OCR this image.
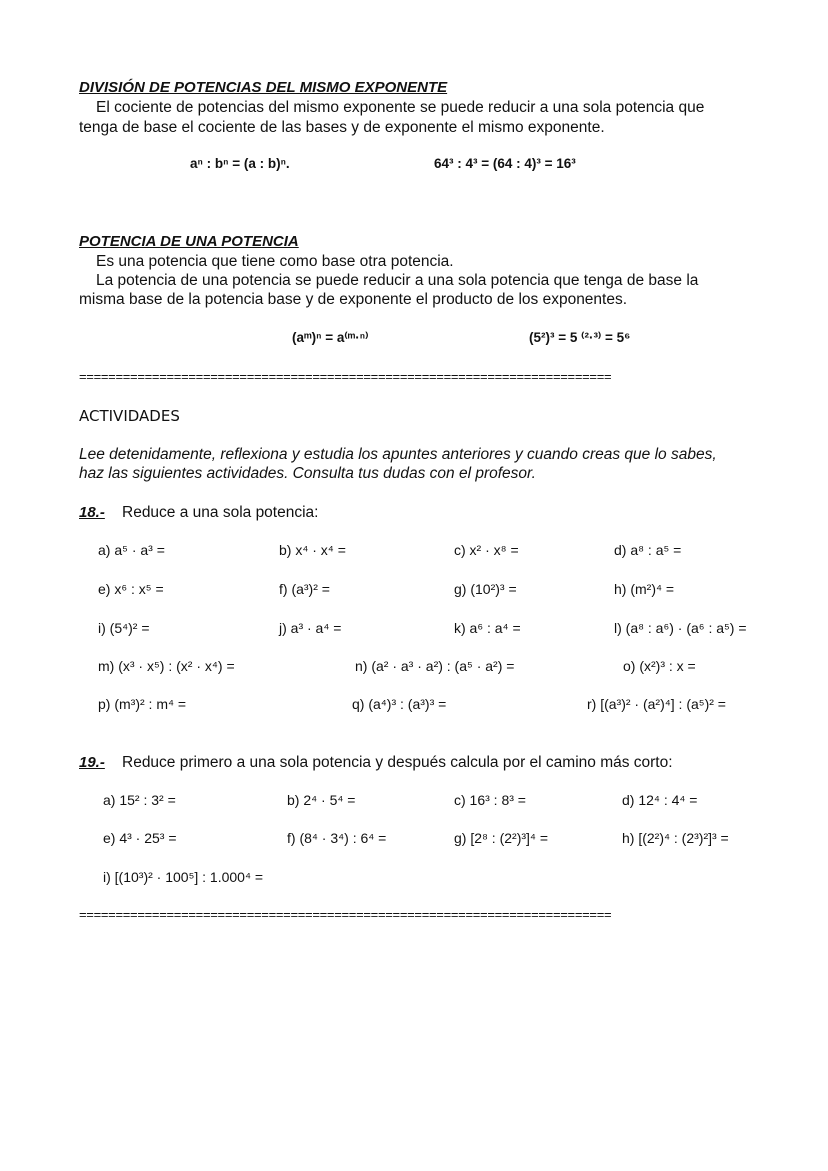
DIVISIÓN DE POTENCIAS DEL MISMO EXPONENTE
El cociente de potencias del mismo exponente se puede reducir a una sola potencia que
tenga de base el cociente de las bases y de exponente el mismo exponente.
aⁿ : bⁿ = (a : b)ⁿ.	64³ : 4³ = (64 : 4)³ = 16³
POTENCIA DE UNA POTENCIA
Es una potencia que tiene como base otra potencia.
La potencia de una potencia se puede reducir a una sola potencia que tenga de base la
misma base de la potencia base y de exponente el producto de los exponentes.
(aᵐ)ⁿ = a⁽ᵐ·ⁿ⁾	(5²)³ = 5 ⁽²·³⁾ = 5⁶
=========================================================================
ACTIVIDADES
Lee detenidamente, reflexiona y estudia los apuntes anteriores y cuando creas que lo sabes,
haz las siguientes actividades. Consulta tus dudas con el profesor.
18.- Reduce a una sola potencia:
a) a⁵ · a³ =	b) x⁴ · x⁴ =	c) x² · x⁸ =	d) a⁸ : a⁵ =
e) x⁶ : x⁵ =	f) (a³)² =	g) (10²)³ =	h) (m²)⁴ =
i) (5⁴)² =	j) a³ · a⁴ =	k) a⁶ : a⁴ =	l) (a⁸ : a⁶) · (a⁶ : a⁵) =
m) (x³ · x⁵) : (x² · x⁴) =	n) (a² · a³ · a²) : (a⁵ · a²) =	o) (x²)³ : x =
p) (m³)² : m⁴ =	q) (a⁴)³ : (a³)³ =	r) [(a³)² · (a²)⁴] : (a⁵)² =
19.- Reduce primero a una sola potencia y después calcula por el camino más corto:
a) 15² : 3² =	b) 2⁴ · 5⁴ =	c) 16³ : 8³ =	d) 12⁴ : 4⁴ =
e) 4³ · 25³ =	f) (8⁴ · 3⁴) : 6⁴ =	g) [2⁸ : (2²)³]⁴ =	h) [(2²)⁴ : (2³)²]³ =
i) [(10³)² · 100⁵] : 1.000⁴ =
=========================================================================
